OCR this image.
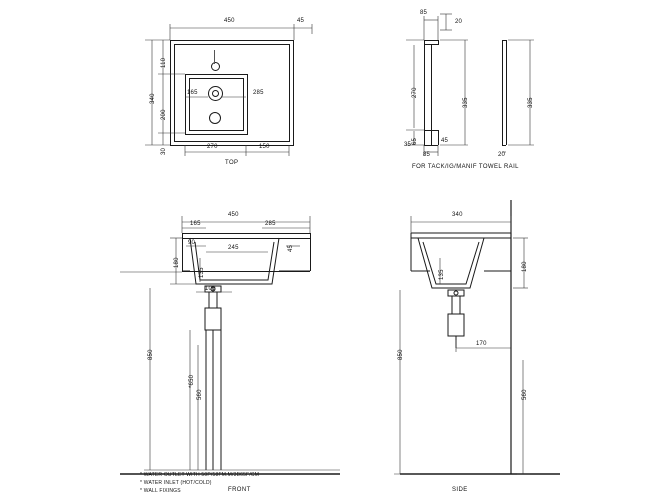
450	45
340
110
200
30
165	285
270	150
TOP
85
20
270
65
335	335
35
45
85	20
FOR TACK/IG/MANIF TOWEL RAIL
165
450
285
90
245	45
180
135
100
850
*650
560
FRONT
* WATER OUTLET WITH 50P/58FM.M/3B65F/CM
* WATER INLET (HOT/COLD)
* WALL FIXINGS
340
135
180
850
170
560
SIDE
